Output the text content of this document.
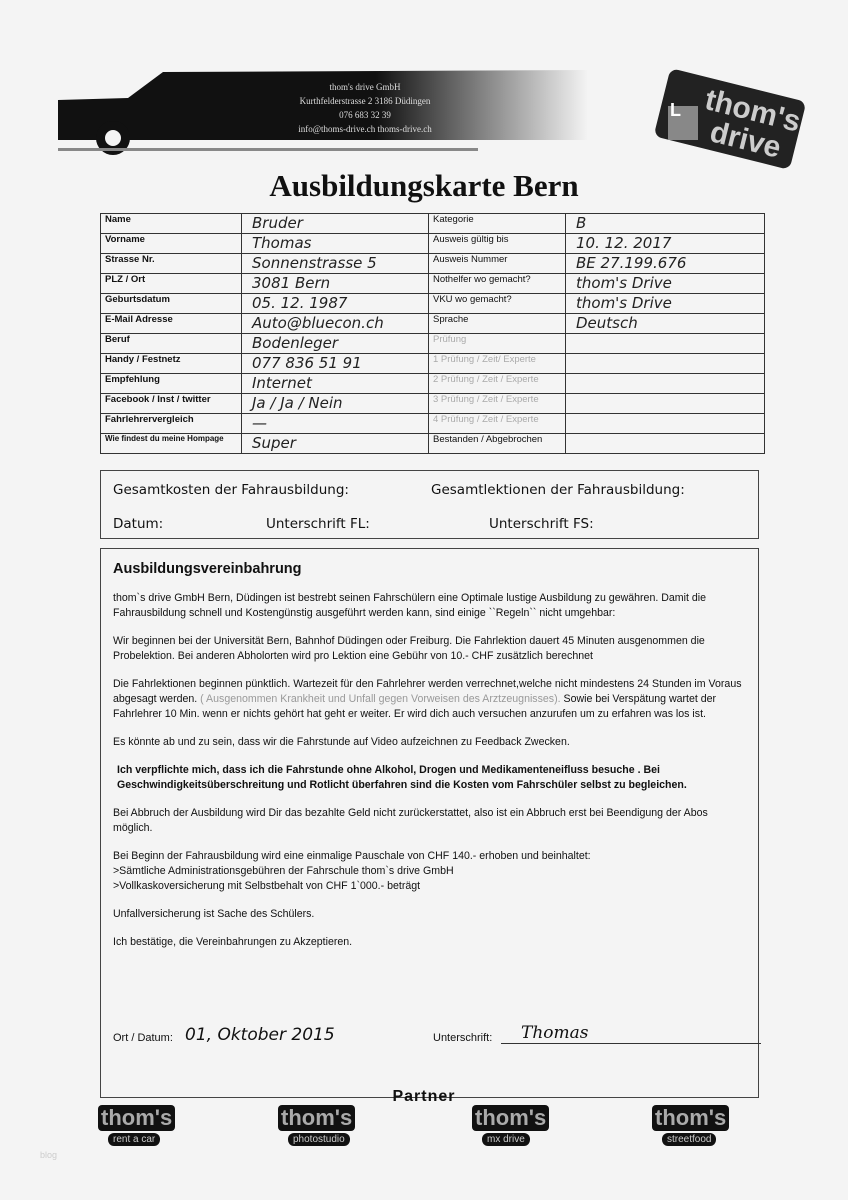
thom's drive GmbH
Kurthfelderstrasse 2 3186 Düdingen
076 683 32 39
info@thoms-drive.ch thoms-drive.ch
L thom's drive
Ausbildungskarte Bern
Name	Bruder	Kategorie	B
Vorname	Thomas	Ausweis gültig bis	10. 12. 2017
Strasse Nr.	Sonnenstrasse 5	Ausweis Nummer	BE 27.199.676
PLZ / Ort	3081 Bern	Nothelfer wo gemacht?	thom's Drive
Geburtsdatum	05. 12. 1987	VKU wo gemacht?	thom's Drive
E-Mail Adresse	Auto@bluecon.ch	Sprache	Deutsch
Beruf	Bodenleger	Prüfung	
Handy / Festnetz	077 836 51 91	1 Prüfung / Zeit/ Experte	
Empfehlung	Internet	2 Prüfung / Zeit / Experte	
Facebook / Inst / twitter	Ja / Ja / Nein	3 Prüfung / Zeit / Experte	
Fahrlehrervergleich	—	4 Prüfung / Zeit / Experte	
Wie findest du meine Hompage	Super	Bestanden / Abgebrochen	
Gesamtkosten der Fahrausbildung:	Gesamtlektionen der Fahrausbildung:
Datum:	Unterschrift FL:	Unterschrift FS:
Ausbildungsvereinbahrung

thom`s drive GmbH Bern, Düdingen ist bestrebt seinen Fahrschülern eine Optimale lustige Ausbildung zu gewähren. Damit die Fahrausbildung schnell und Kostengünstig ausgeführt werden kann, sind einige ``Regeln`` nicht umgehbar:

Wir beginnen bei der Universität Bern, Bahnhof Düdingen oder Freiburg. Die Fahrlektion dauert 45 Minuten ausgenommen die Probelektion. Bei anderen Abholorten wird pro Lektion eine Gebühr von 10.- CHF zusätzlich berechnet

Die Fahrlektionen beginnen pünktlich. Wartezeit für den Fahrlehrer werden verrechnet,welche nicht mindestens 24 Stunden im Voraus abgesagt werden. ( Ausgenommen Krankheit und Unfall gegen Vorweisen des Arztzeugnisses). Sowie bei Verspätung wartet der Fahrlehrer 10 Min. wenn er nichts gehört hat geht er weiter. Er wird dich auch versuchen anzurufen um zu erfahren was los ist.

Es könnte ab und zu sein, dass wir die Fahrstunde auf Video aufzeichnen zu Feedback Zwecken.

Ich verpflichte mich, dass ich die Fahrstunde ohne Alkohol, Drogen und Medikamenteneifluss besuche . Bei Geschwindigkeitsüberschreitung und Rotlicht überfahren sind die Kosten vom Fahrschüler selbst zu begleichen.

Bei Abbruch der Ausbildung wird Dir das bezahlte Geld nicht zurückerstattet, also ist ein Abbruch erst bei Beendigung der Abos möglich.

Bei Beginn der Fahrausbildung wird eine einmalige Pauschale von CHF 140.- erhoben und beinhaltet:
>Sämtliche Administrationsgebühren der Fahrschule thom`s drive GmbH
>Vollkaskoversicherung mit Selbstbehalt von CHF 1`000.- beträgt

Unfallversicherung ist Sache des Schülers.

Ich bestätige, die Vereinbahrungen zu Akzeptieren.

Ort / Datum: 01, Oktober 2015	Unterschrift:	Thomas
Partner
thom's
rent a car
thom's
photostudio
thom's
mx drive
thom's
streetfood
blog
